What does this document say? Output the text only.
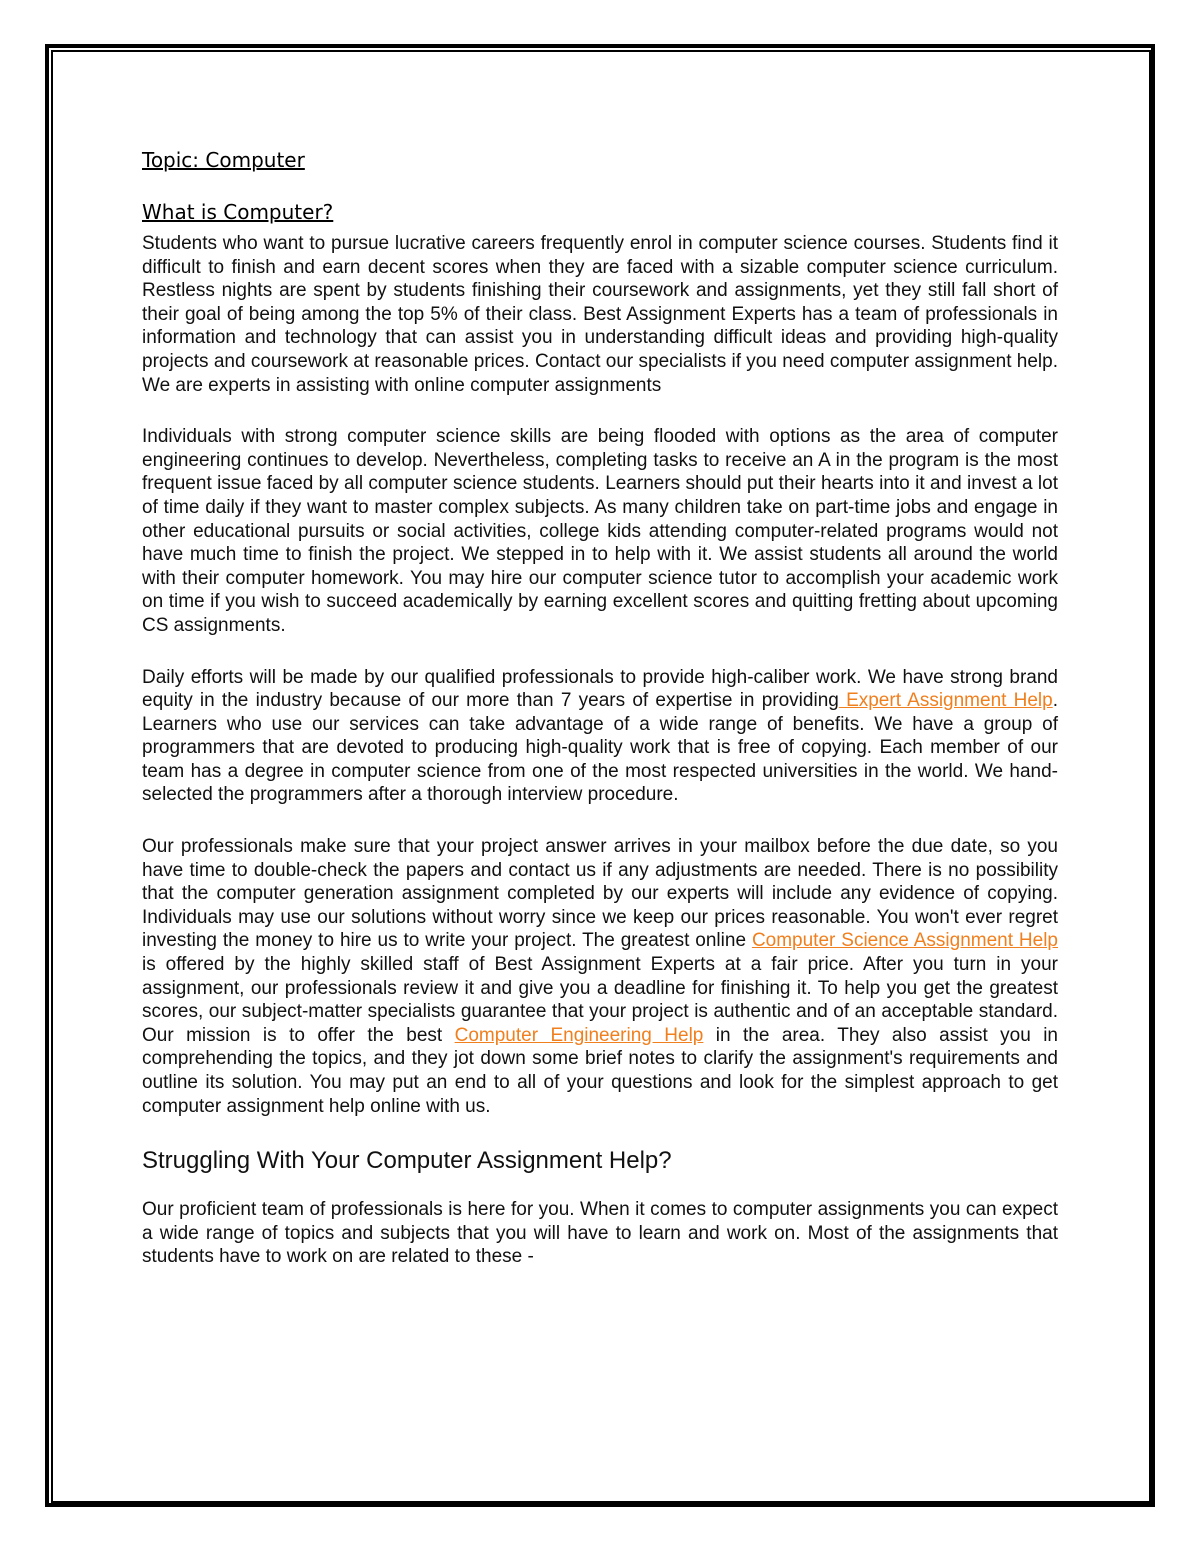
Topic: Computer
What is Computer?

Students who want to pursue lucrative careers frequently enrol in computer science courses. Students find it difficult to finish and earn decent scores when they are faced with a sizable computer science curriculum. Restless nights are spent by students finishing their coursework and assignments, yet they still fall short of their goal of being among the top 5% of their class. Best Assignment Experts has a team of professionals in information and technology that can assist you in understanding difficult ideas and providing high-quality projects and coursework at reasonable prices. Contact our specialists if you need computer assignment help. We are experts in assisting with online computer assignments

Individuals with strong computer science skills are being flooded with options as the area of computer engineering continues to develop. Nevertheless, completing tasks to receive an A in the program is the most frequent issue faced by all computer science students. Learners should put their hearts into it and invest a lot of time daily if they want to master complex subjects. As many children take on part-time jobs and engage in other educational pursuits or social activities, college kids attending computer-related programs would not have much time to finish the project. We stepped in to help with it. We assist students all around the world with their computer homework. You may hire our computer science tutor to accomplish your academic work on time if you wish to succeed academically by earning excellent scores and quitting fretting about upcoming CS assignments.

Daily efforts will be made by our qualified professionals to provide high-caliber work. We have strong brand equity in the industry because of our more than 7 years of expertise in providing Expert Assignment Help. Learners who use our services can take advantage of a wide range of benefits. We have a group of programmers that are devoted to producing high-quality work that is free of copying. Each member of our team has a degree in computer science from one of the most respected universities in the world. We hand-selected the programmers after a thorough interview procedure.

Our professionals make sure that your project answer arrives in your mailbox before the due date, so you have time to double-check the papers and contact us if any adjustments are needed. There is no possibility that the computer generation assignment completed by our experts will include any evidence of copying. Individuals may use our solutions without worry since we keep our prices reasonable. You won't ever regret investing the money to hire us to write your project. The greatest online Computer Science Assignment Help is offered by the highly skilled staff of Best Assignment Experts at a fair price. After you turn in your assignment, our professionals review it and give you a deadline for finishing it. To help you get the greatest scores, our subject-matter specialists guarantee that your project is authentic and of an acceptable standard. Our mission is to offer the best Computer Engineering Help in the area. They also assist you in comprehending the topics, and they jot down some brief notes to clarify the assignment's requirements and outline its solution. You may put an end to all of your questions and look for the simplest approach to get computer assignment help online with us.

Struggling With Your Computer Assignment Help?

Our proficient team of professionals is here for you. When it comes to computer assignments you can expect a wide range of topics and subjects that you will have to learn and work on. Most of the assignments that students have to work on are related to these -
